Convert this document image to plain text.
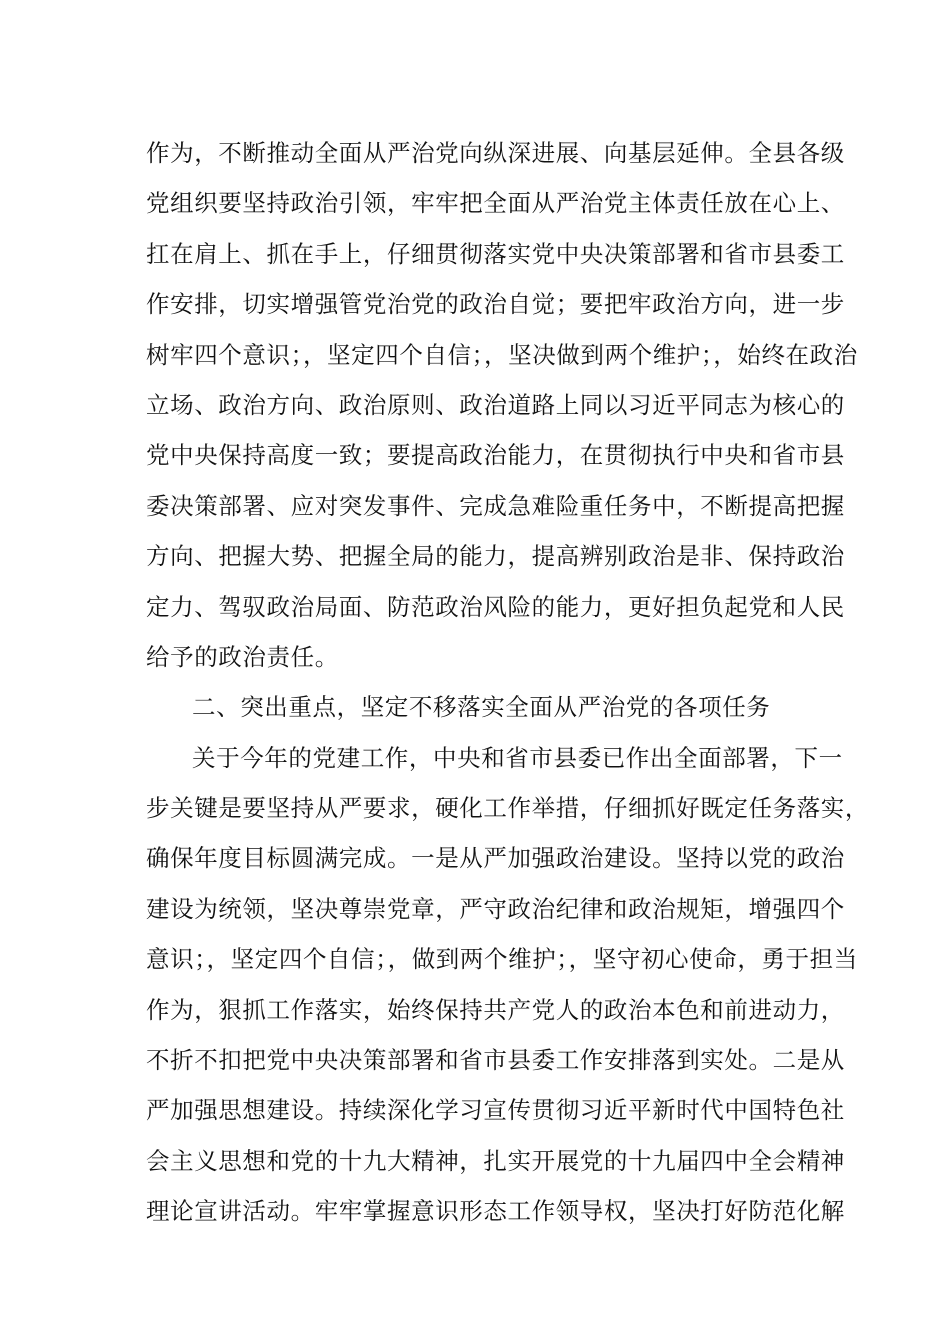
作为，不断推动全面从严治党向纵深进展、向基层延伸。全县各级
党组织要坚持政治引领，牢牢把全面从严治党主体责任放在心上、
扛在肩上、抓在手上，仔细贯彻落实党中央决策部署和省市县委工
作安排，切实增强管党治党的政治自觉；要把牢政治方向，进一步
树牢四个意识；，坚定四个自信；，坚决做到两个维护；，始终在政治
立场、政治方向、政治原则、政治道路上同以习近平同志为核心的
党中央保持高度一致；要提高政治能力，在贯彻执行中央和省市县
委决策部署、应对突发事件、完成急难险重任务中，不断提高把握
方向、把握大势、把握全局的能力，提高辨别政治是非、保持政治
定力、驾驭政治局面、防范政治风险的能力，更好担负起党和人民
给予的政治责任。
二、突出重点，坚定不移落实全面从严治党的各项任务
关于今年的党建工作，中央和省市县委已作出全面部署，下一
步关键是要坚持从严要求，硬化工作举措，仔细抓好既定任务落实，
确保年度目标圆满完成。一是从严加强政治建设。坚持以党的政治
建设为统领，坚决尊崇党章，严守政治纪律和政治规矩，增强四个
意识；，坚定四个自信；，做到两个维护；，坚守初心使命，勇于担当
作为，狠抓工作落实，始终保持共产党人的政治本色和前进动力，
不折不扣把党中央决策部署和省市县委工作安排落到实处。二是从
严加强思想建设。持续深化学习宣传贯彻习近平新时代中国特色社
会主义思想和党的十九大精神，扎实开展党的十九届四中全会精神
理论宣讲活动。牢牢掌握意识形态工作领导权，坚决打好防范化解
